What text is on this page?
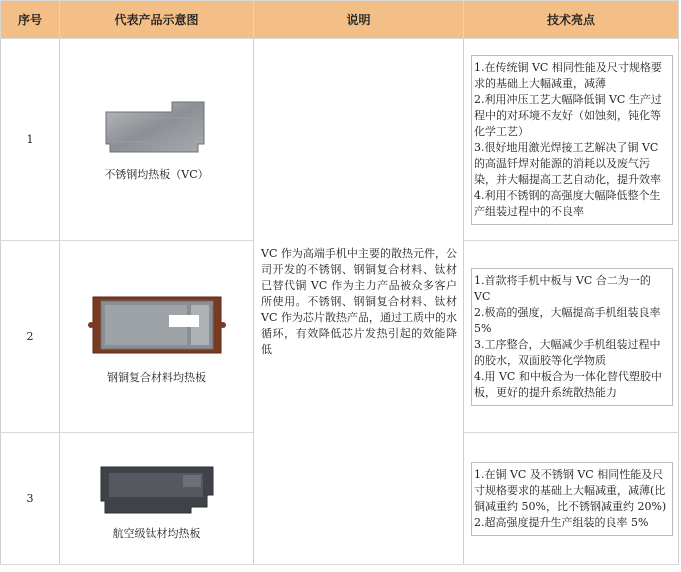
序号	代表产品示意图	说明	技术亮点
1	不锈钢均热板（VC）	VC 作为高端手机中主要的散热元件，公司开发的不锈钢、钢铜复合材料、钛材已替代铜 VC 作为主力产品被众多客户所使用。不锈钢、钢铜复合材料、钛材 VC 作为芯片散热产品，通过工质中的水循环，有效降低芯片发热引起的效能降低	1.在传统铜 VC 相同性能及尺寸规格要求的基础上大幅减重，减薄
2.利用冲压工艺大幅降低铜 VC 生产过程中的对环境不友好（如蚀刻，钝化等化学工艺）
3.很好地用激光焊接工艺解决了铜 VC 的高温钎焊对能源的消耗以及废气污染，并大幅提高工艺自动化，提升效率
4.利用不锈钢的高强度大幅降低整个生产组装过程中的不良率

2	钢铜复合材料均热板		1.首款将手机中板与 VC 合二为一的 VC
2.极高的强度，大幅提高手机组装良率 5%
3.工序整合，大幅减少手机组装过程中的胶水，双面胶等化学物质
4.用 VC 和中板合为一体化替代塑胶中板，更好的提升系统散热能力

3	航空级钛材均热板		1.在铜 VC 及不锈钢 VC 相同性能及尺寸规格要求的基础上大幅减重，减薄(比铜减重约 50%，比不锈钢减重约 20%)
2.超高强度提升生产组装的良率 5%
